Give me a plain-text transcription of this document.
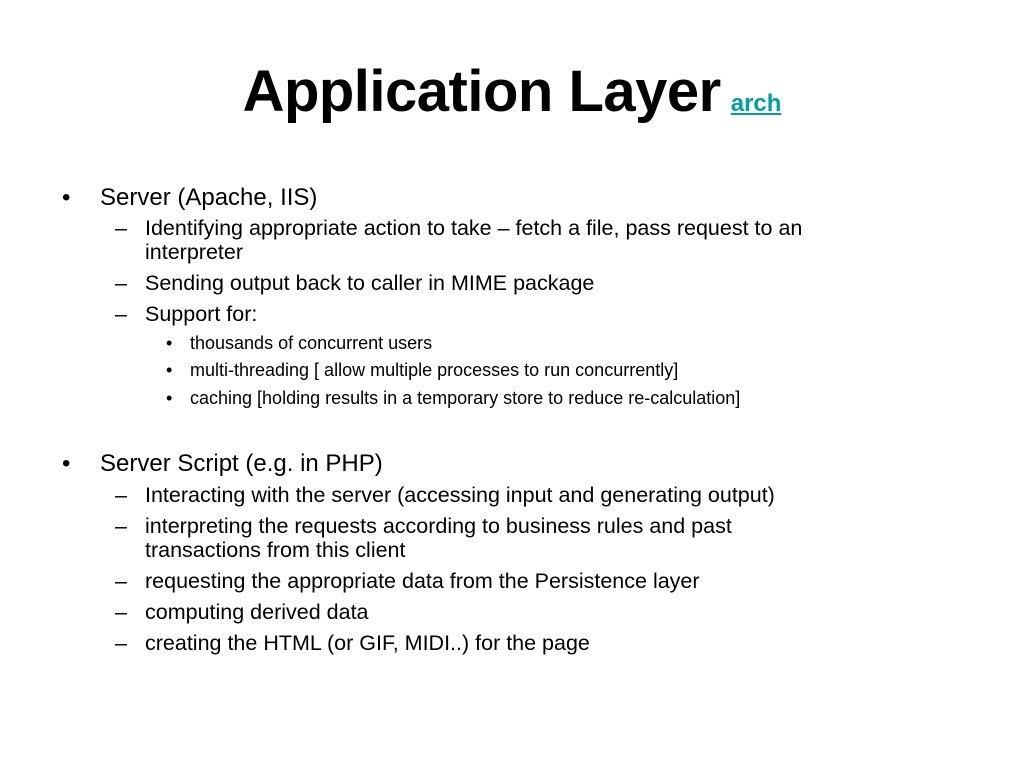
Application Layer arch
• Server (Apache, IIS)
– Identifying appropriate action to take – fetch a file, pass request to an
interpreter
– Sending output back to caller in MIME package
– Support for:
• thousands of concurrent users
• multi-threading [ allow multiple processes to run concurrently]
• caching [holding results in a temporary store to reduce re-calculation]
• Server Script (e.g. in PHP)
– Interacting with the server (accessing input and generating output)
– interpreting the requests according to business rules and past
transactions from this client
– requesting the appropriate data from the Persistence layer
– computing derived data
– creating the HTML (or GIF, MIDI..) for the page
